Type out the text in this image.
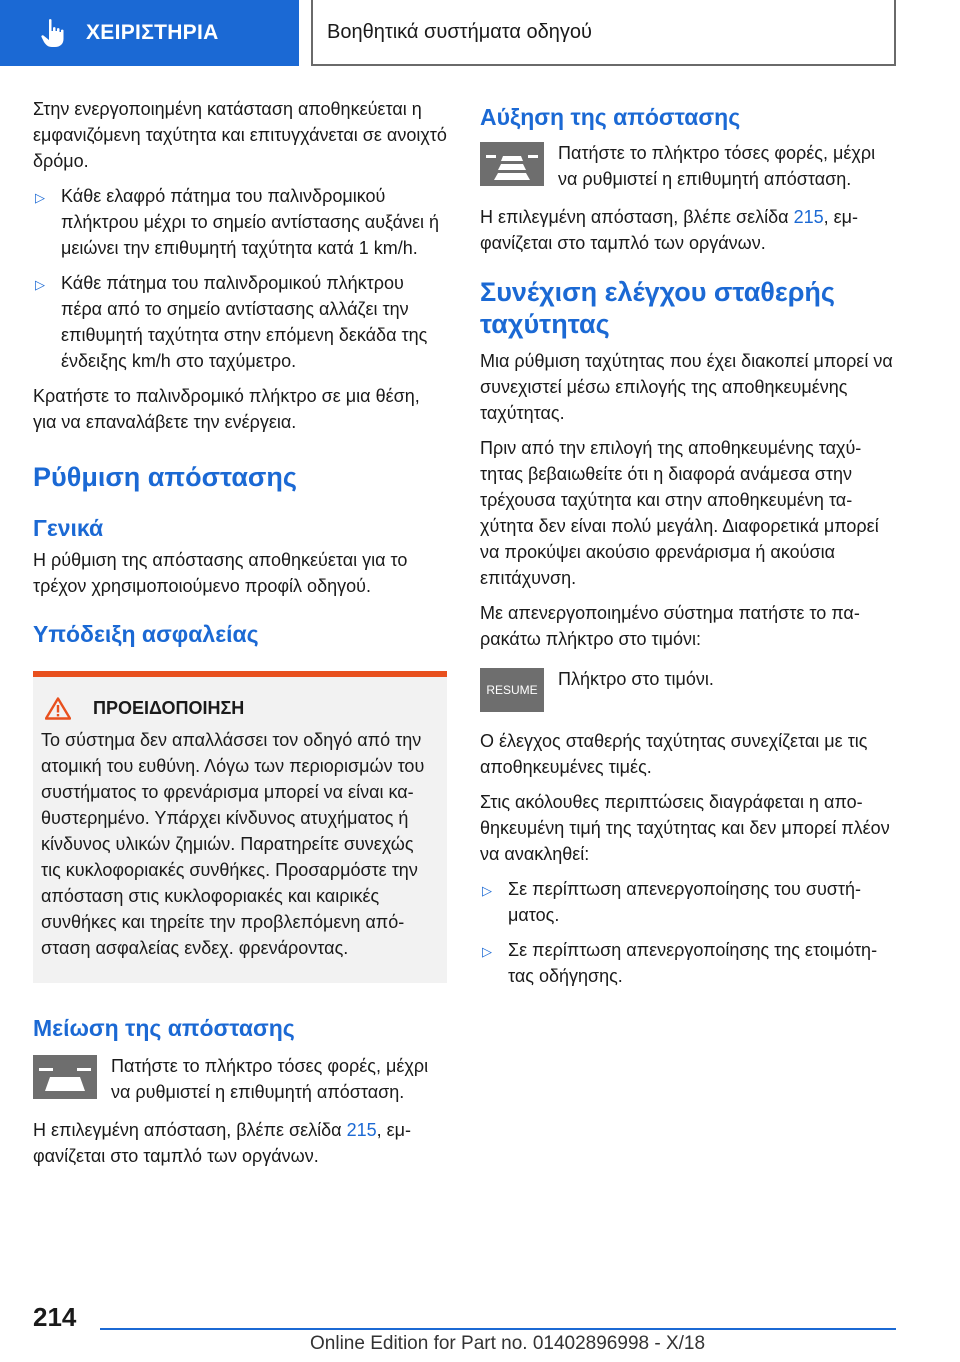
ΧΕΙΡΙΣΤΗΡΙΑ	Βοηθητικά συστήματα οδηγού

Στην ενεργοποιημένη κατάσταση αποθηκεύεται η εμφανιζόμενη ταχύτητα και επιτυγχάνεται σε ανοιχτό δρόμο.

▷ Κάθε ελαφρό πάτημα του παλινδρομικού πλήκτρου μέχρι το σημείο αντίστασης αυξάνει ή μειώνει την επιθυμητή ταχύτητα κατά 1 km/h.
▷ Κάθε πάτημα του παλινδρομικού πλήκτρου πέρα από το σημείο αντίστασης αλλάζει την επιθυμητή ταχύτητα στην επόμενη δεκάδα της ένδειξης km/h στο ταχύμετρο.

Κρατήστε το παλινδρομικό πλήκτρο σε μια θέση, για να επαναλάβετε την ενέργεια.

Ρύθμιση απόστασης
Γενικά

Η ρύθμιση της απόστασης αποθηκεύεται για το τρέχον χρησιμοποιούμενο προφίλ οδηγού.

Υπόδειξη ασφαλείας
ΠΡΟΕΙΔΟΠΟΙΗΣΗ

Το σύστημα δεν απαλλάσσει τον οδηγό από την ατομική του ευθύνη. Λόγω των περιορισμών του συστήματος το φρενάρισμα μπορεί να είναι καθυστερημένο. Υπάρχει κίνδυνος ατυχήματος ή κίνδυνος υλικών ζημιών. Παρατηρείτε συνεχώς τις κυκλοφοριακές συνθήκες. Προσαρμόστε την απόσταση στις κυκλοφοριακές και καιρικές συνθήκες και τηρείτε την προβλεπόμενη απόσταση ασφαλείας ενδεχ. φρενάροντας.

Μείωση της απόστασης
Πατήστε το πλήκτρο τόσες φορές, μέχρι να ρυθμιστεί η επιθυμητή απόσταση.

Η επιλεγμένη απόσταση, βλέπε σελίδα 215, εμφανίζεται στο ταμπλό των οργάνων.

Αύξηση της απόστασης
Πατήστε το πλήκτρο τόσες φορές, μέχρι να ρυθμιστεί η επιθυμητή απόσταση.

Η επιλεγμένη απόσταση, βλέπε σελίδα 215, εμφανίζεται στο ταμπλό των οργάνων.

Συνέχιση ελέγχου σταθερής ταχύτητας

Μια ρύθμιση ταχύτητας που έχει διακοπεί μπορεί να συνεχιστεί μέσω επιλογής της αποθηκευμένης ταχύτητας.

Πριν από την επιλογή της αποθηκευμένης ταχύτητας βεβαιωθείτε ότι η διαφορά ανάμεσα στην τρέχουσα ταχύτητα και στην αποθηκευμένη ταχύτητα δεν είναι πολύ μεγάλη. Διαφορετικά μπορεί να προκύψει ακούσιο φρενάρισμα ή ακούσια επιτάχυνση.

Με απενεργοποιημένο σύστημα πατήστε το παρακάτω πλήκτρο στο τιμόνι:

RESUME
Πλήκτρο στο τιμόνι.

Ο έλεγχος σταθερής ταχύτητας συνεχίζεται με τις αποθηκευμένες τιμές.

Στις ακόλουθες περιπτώσεις διαγράφεται η αποθηκευμένη τιμή της ταχύτητας και δεν μπορεί πλέον να ανακληθεί:

▷ Σε περίπτωση απενεργοποίησης του συστήματος.
▷ Σε περίπτωση απενεργοποίησης της ετοιμότητας οδήγησης.
214
Online Edition for Part no. 01402896998 - X/18
